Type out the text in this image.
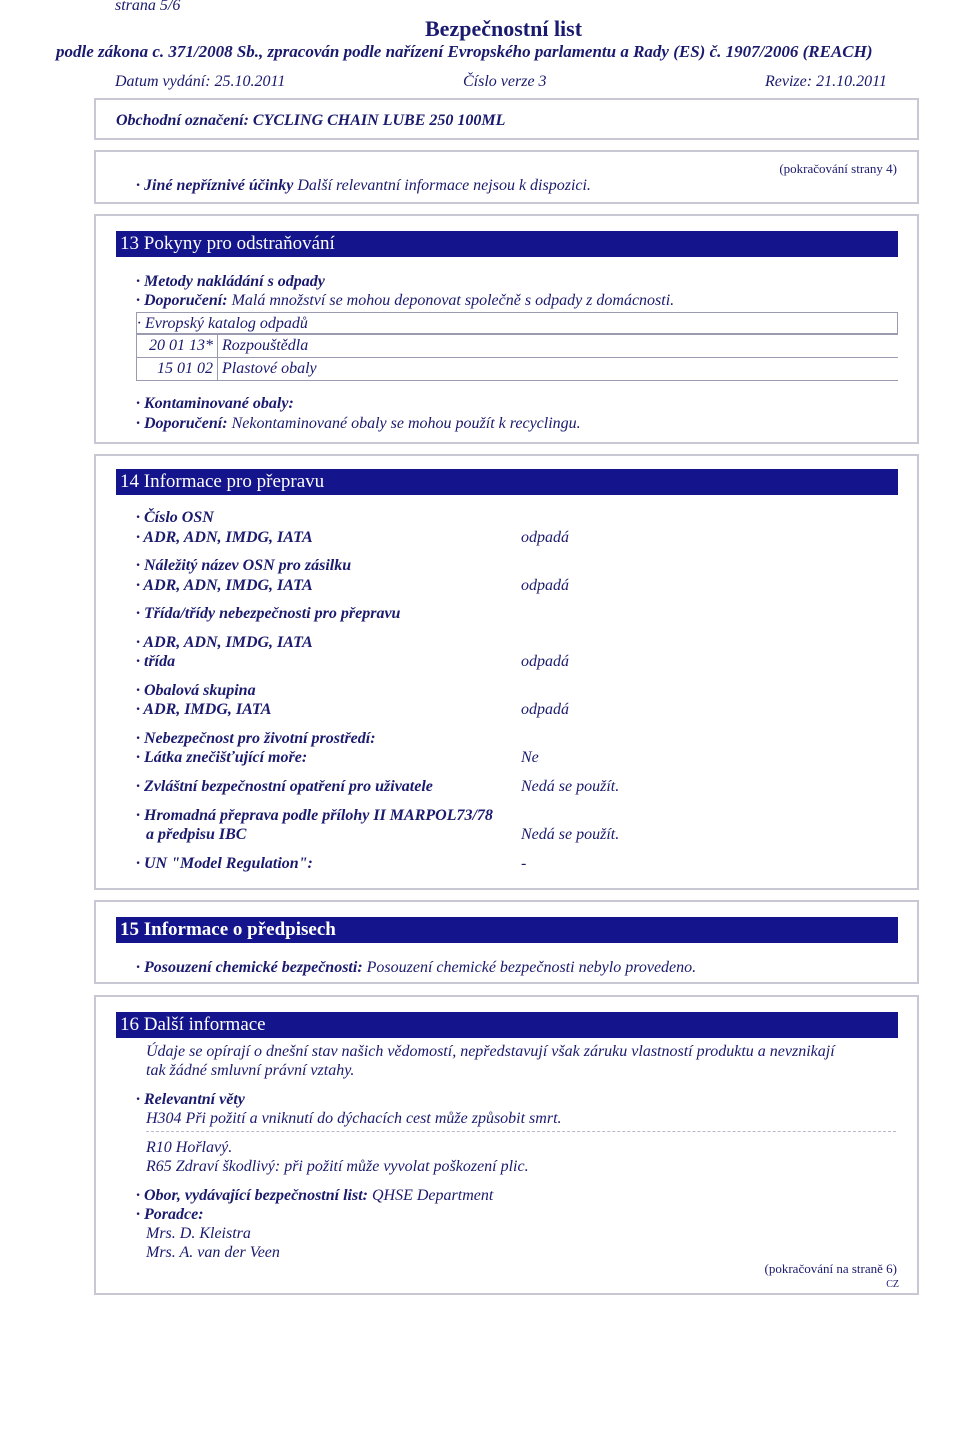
strana 5/6
Bezpečnostní list
podle zákona c. 371/2008 Sb., zpracován podle nařízení Evropského parlamentu a Rady (ES) č. 1907/2006 (REACH)
Datum vydání: 25.10.2011	Číslo verze 3	Revize: 21.10.2011
Obchodní označení: CYCLING CHAIN LUBE 250 100ML
(pokračování strany 4)
· Jiné nepříznivé účinky Další relevantní informace nejsou k dispozici.
13 Pokyny pro odstraňování
· Metody nakládání s odpady
· Doporučení: Malá množství se mohou deponovat společně s odpady z domácnosti.
· Evropský katalog odpadů
20 01 13*	Rozpouštědla
15 01 02	Plastové obaly
· Kontaminované obaly:
· Doporučení: Nekontaminované obaly se mohou použít k recyclingu.
14 Informace pro přepravu
· Číslo OSN
· ADR, ADN, IMDG, IATA	odpadá
· Náležitý název OSN pro zásilku
· ADR, ADN, IMDG, IATA	odpadá
· Třída/třídy nebezpečnosti pro přepravu
· ADR, ADN, IMDG, IATA
· třída	odpadá
· Obalová skupina
· ADR, IMDG, IATA	odpadá
· Nebezpečnost pro životní prostředí:
· Látka znečišťující moře:	Ne
· Zvláštní bezpečnostní opatření pro uživatele	Nedá se použít.
· Hromadná přeprava podle přílohy II MARPOL73/78
a předpisu IBC	Nedá se použít.
· UN "Model Regulation":	-
15 Informace o předpisech
· Posouzení chemické bezpečnosti: Posouzení chemické bezpečnosti nebylo provedeno.
16 Další informace
Údaje se opírají o dnešní stav našich vědomostí, nepředstavují však záruku vlastností produktu a nevznikají
tak žádné smluvní právní vztahy.
· Relevantní věty
H304 Při požití a vniknutí do dýchacích cest může způsobit smrt.
R10 Hořlavý.
R65 Zdraví škodlivý: při požití může vyvolat poškození plic.
· Obor, vydávající bezpečnostní list: QHSE Department
· Poradce:
Mrs. D. Kleistra
Mrs. A. van der Veen
(pokračování na straně 6)
CZ
